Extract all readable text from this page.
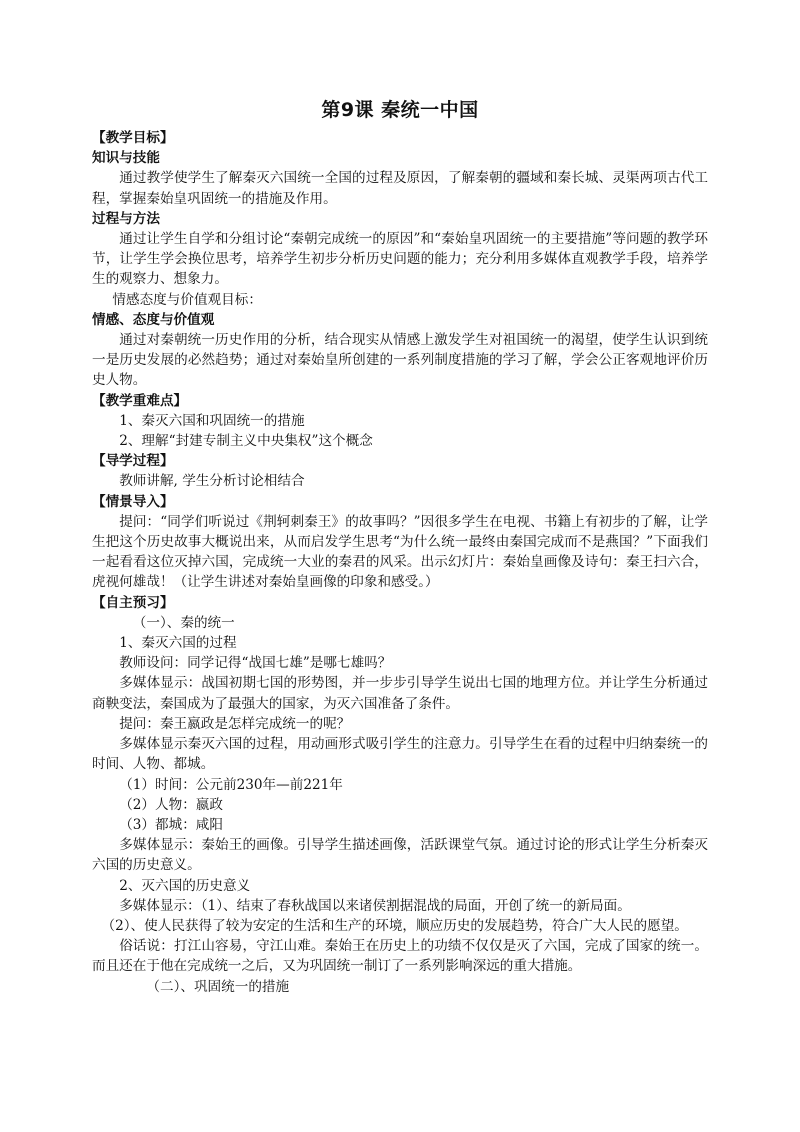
第9课 秦统一中国

【教学目标】

知识与技能

通过教学使学生了解秦灭六国统一全国的过程及原因，了解秦朝的疆域和秦长城、灵渠两项古代工程，掌握秦始皇巩固统一的措施及作用。

过程与方法

通过让学生自学和分组讨论“秦朝完成统一的原因”和“秦始皇巩固统一的主要措施”等问题的教学环节，让学生学会换位思考，培养学生初步分析历史问题的能力；充分利用多媒体直观教学手段，培养学生的观察力、想象力。

情感态度与价值观目标：

情感、态度与价值观

通过对秦朝统一历史作用的分析，结合现实从情感上激发学生对祖国统一的渴望，使学生认识到统一是历史发展的必然趋势；通过对秦始皇所创建的一系列制度措施的学习了解，学会公正客观地评价历史人物。

【教学重难点】

1、秦灭六国和巩固统一的措施

2、理解“封建专制主义中央集权”这个概念

【导学过程】

教师讲解, 学生分析讨论相结合

【情景导入】

提问：“同学们听说过《荆轲刺秦王》的故事吗？”因很多学生在电视、书籍上有初步的了解，让学生把这个历史故事大概说出来，从而启发学生思考“为什么统一最终由秦国完成而不是燕国？”下面我们一起看看这位灭掉六国，完成统一大业的秦君的风采。出示幻灯片：秦始皇画像及诗句：秦王扫六合，虎视何雄哉！（让学生讲述对秦始皇画像的印象和感受。）

【自主预习】

（一）、秦的统一

1、秦灭六国的过程

教师设问：同学记得“战国七雄”是哪七雄吗？

多媒体显示：战国初期七国的形势图，并一步步引导学生说出七国的地理方位。并让学生分析通过商鞅变法，秦国成为了最强大的国家，为灭六国准备了条件。

提问：秦王嬴政是怎样完成统一的呢？

多媒体显示秦灭六国的过程，用动画形式吸引学生的注意力。引导学生在看的过程中归纳秦统一的时间、人物、都城。

（1）时间：公元前230年—前221年

（2）人物：嬴政

（3）都城：咸阳

多媒体显示：秦始王的画像。引导学生描述画像，活跃课堂气氛。通过讨论的形式让学生分析秦灭六国的历史意义。

2、灭六国的历史意义

多媒体显示：（1）、结束了春秋战国以来诸侯割据混战的局面，开创了统一的新局面。

（2）、使人民获得了较为安定的生活和生产的环境，顺应历史的发展趋势，符合广大人民的愿望。

俗话说：打江山容易，守江山难。秦始王在历史上的功绩不仅仅是灭了六国，完成了国家的统一。而且还在于他在完成统一之后，又为巩固统一制订了一系列影响深远的重大措施。

（二）、巩固统一的措施
